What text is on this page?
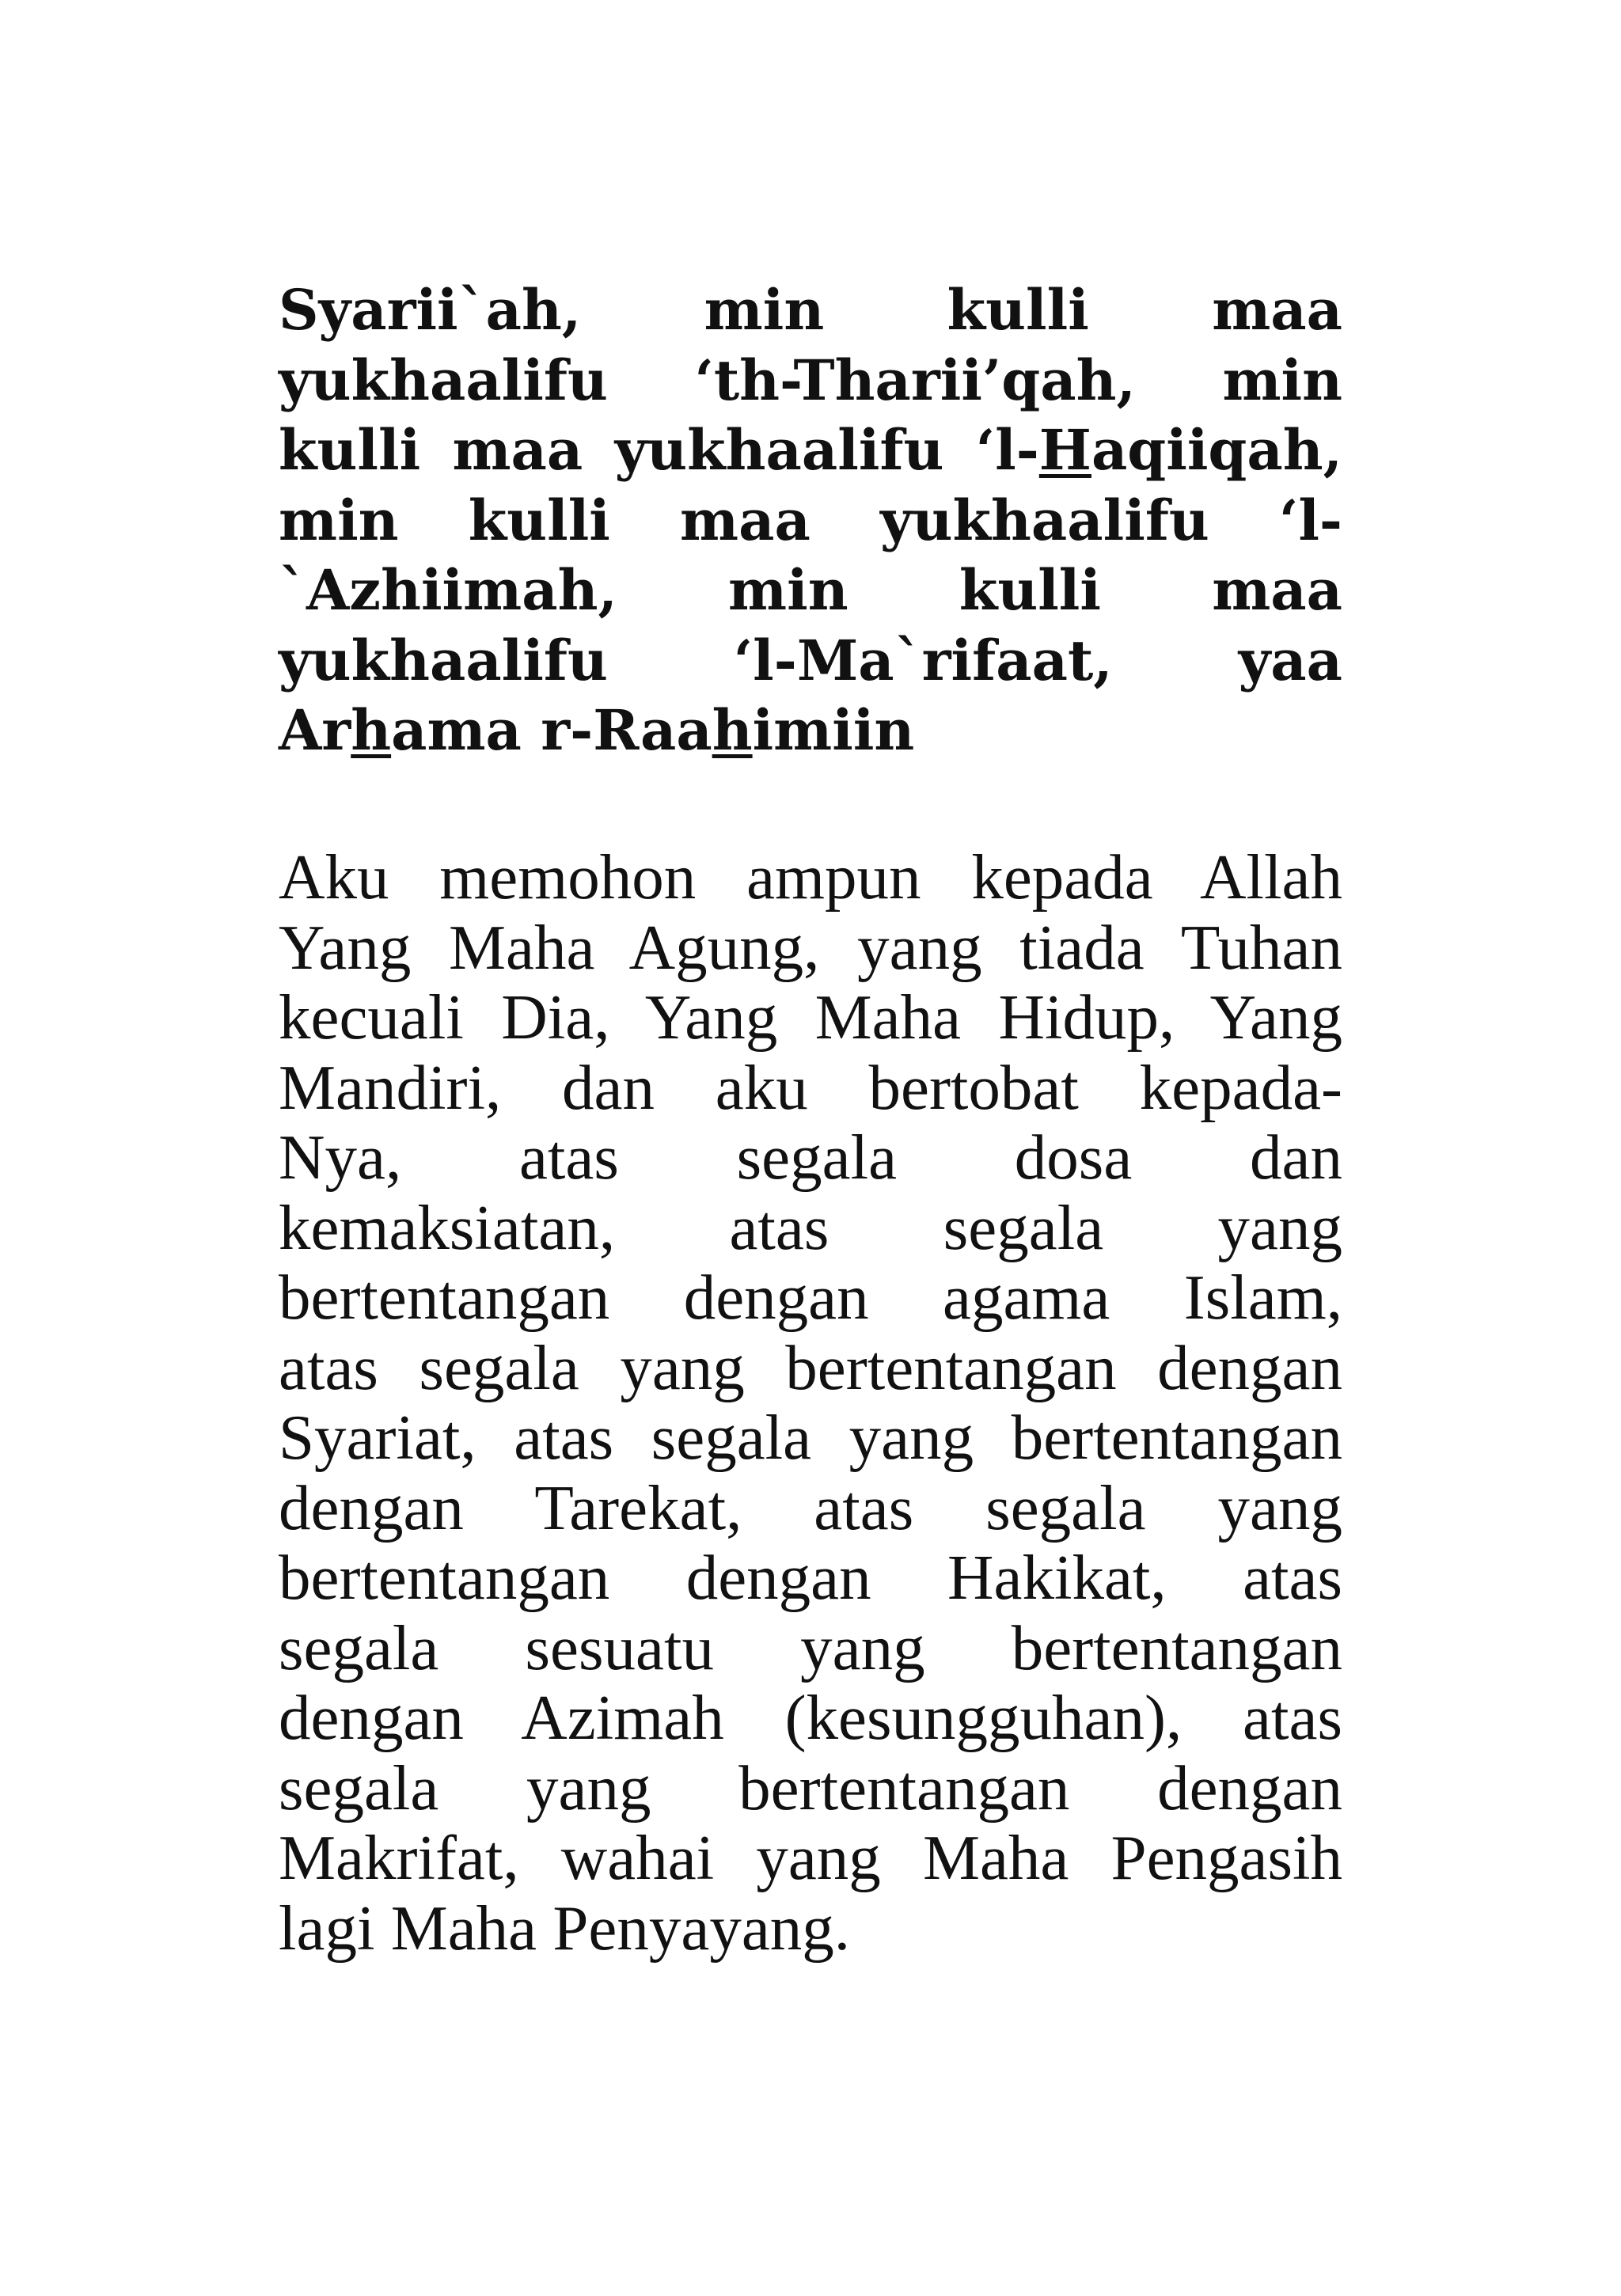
Syarii`ah, min kulli maa
yukhaalifu ‘th-Tharii’qah, min
kulli maa yukhaalifu ‘l-Haqiiqah,
min kulli maa yukhaalifu ‘l-
`Azhiimah, min kulli maa
yukhaalifu ‘l-Ma`rifaat, yaa
Arhama r-Raahimiin
Aku memohon ampun kepada Allah
Yang Maha Agung, yang tiada Tuhan
kecuali Dia, Yang Maha Hidup, Yang
Mandiri, dan aku bertobat kepada-
Nya, atas segala dosa dan
kemaksiatan, atas segala yang
bertentangan dengan agama Islam,
atas segala yang bertentangan dengan
Syariat, atas segala yang bertentangan
dengan Tarekat, atas segala yang
bertentangan dengan Hakikat, atas
segala sesuatu yang bertentangan
dengan Azimah (kesungguhan), atas
segala yang bertentangan dengan
Makrifat, wahai yang Maha Pengasih
lagi Maha Penyayang.
